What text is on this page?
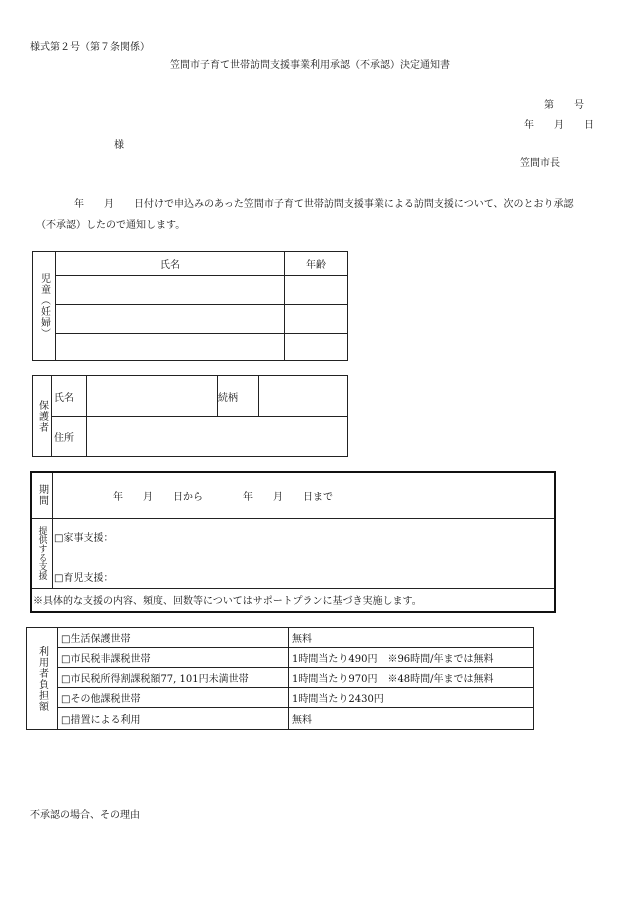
様式第２号（第７条関係）
笠間市子育て世帯訪問支援事業利用承認（不承認）決定通知書
第　　号
年　　月　　日
様
笠間市長
年　　月　　日付けで申込みのあった笠間市子育て世帯訪問支援事業による訪問支援について、次のとおり承認
（不承認）したので通知します。
児童（妊婦）	氏名	年齢

保護者	氏名		続柄	
	住所			
期間	年　　月　　日から　　　　年　　月　　日まで
提供する支援	□家事支援：
□育児支援：

※具体的な支援の内容、頻度、回数等についてはサポートプランに基づき実施します。	
利用者負担額	□生活保護世帯	無料
	□市民税非課税世帯	1時間当たり490円　※96時間/年までは無料
	□市民税所得割課税額77, 101円未満世帯	1時間当たり970円　※48時間/年までは無料
	□その他課税世帯	1時間当たり2430円
	□措置による利用	無料
不承認の場合、その理由
